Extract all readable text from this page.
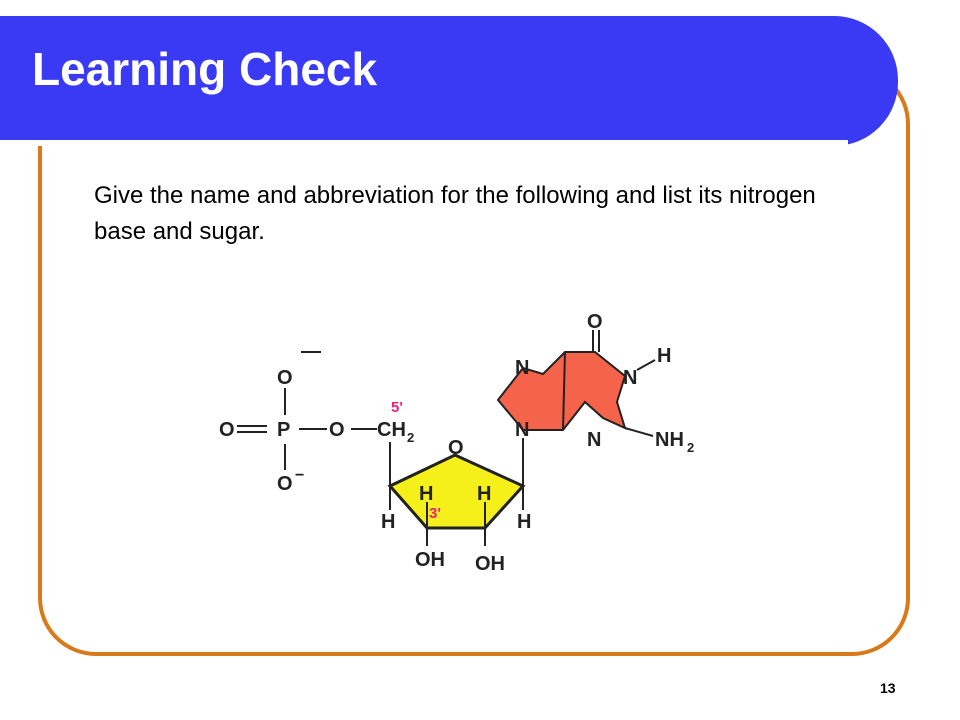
Learning Check

Give the name and abbreviation for the following and list its nitrogen base and sugar.

O
O P
O −
O CH 2
5'
O
H
H H
H
3'
OH OH
N
N
N
N
H
O
NH 2
13
